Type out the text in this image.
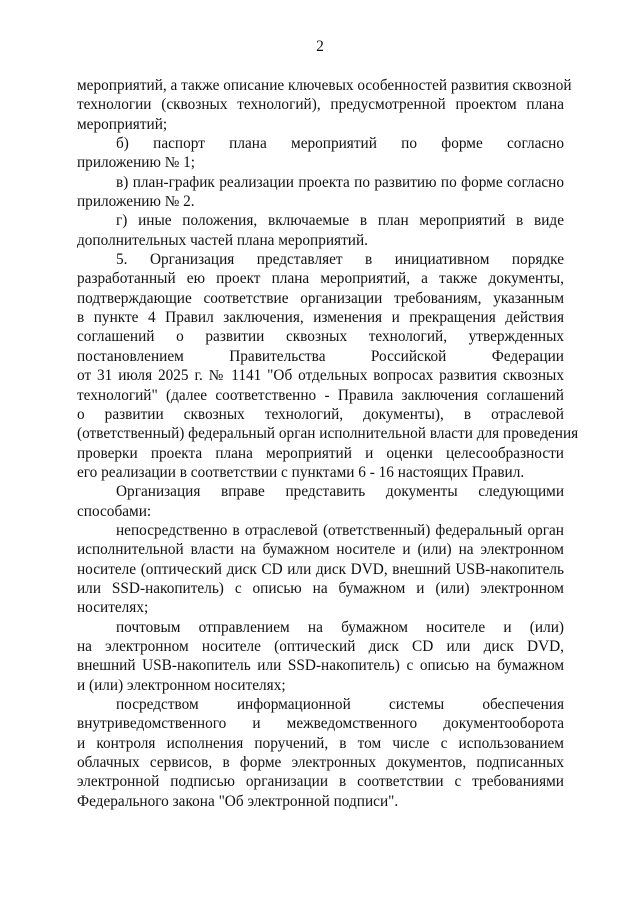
2
мероприятий, а также описание ключевых особенностей развития сквозной
технологии (сквозных технологий), предусмотренной проектом плана
мероприятий;
б) паспорт плана мероприятий по форме согласно
приложению № 1;
в) план-график реализации проекта по развитию по форме согласно
приложению № 2.
г) иные положения, включаемые в план мероприятий в виде
дополнительных частей плана мероприятий.
5. Организация представляет в инициативном порядке
разработанный ею проект плана мероприятий, а также документы,
подтверждающие соответствие организации требованиям, указанным
в пункте 4 Правил заключения, изменения и прекращения действия
соглашений о развитии сквозных технологий, утвержденных
постановлением Правительства Российской Федерации
от 31 июля 2025 г. № 1141 "Об отдельных вопросах развития сквозных
технологий" (далее соответственно - Правила заключения соглашений
о развитии сквозных технологий, документы), в отраслевой
(ответственный) федеральный орган исполнительной власти для проведения
проверки проекта плана мероприятий и оценки целесообразности
его реализации в соответствии с пунктами 6 - 16 настоящих Правил.
Организация вправе представить документы следующими
способами:
непосредственно в отраслевой (ответственный) федеральный орган
исполнительной власти на бумажном носителе и (или) на электронном
носителе (оптический диск CD или диск DVD, внешний USB-накопитель
или SSD-накопитель) с описью на бумажном и (или) электронном
носителях;
почтовым отправлением на бумажном носителе и (или)
на электронном носителе (оптический диск CD или диск DVD,
внешний USB-накопитель или SSD-накопитель) с описью на бумажном
и (или) электронном носителях;
посредством информационной системы обеспечения
внутриведомственного и межведомственного документооборота
и контроля исполнения поручений, в том числе с использованием
облачных сервисов, в форме электронных документов, подписанных
электронной подписью организации в соответствии с требованиями
Федерального закона "Об электронной подписи".
